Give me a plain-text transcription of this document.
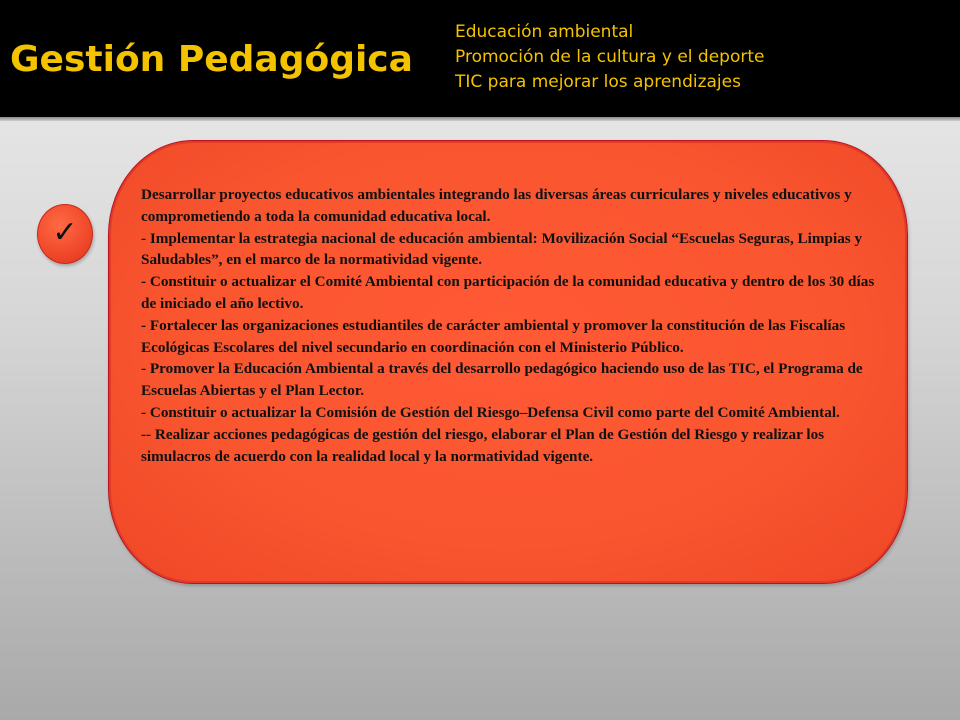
Gestión Pedagógica
Educación ambiental
Promoción de la cultura y el deporte
TIC para mejorar los aprendizajes
✓

Desarrollar proyectos educativos ambientales integrando las diversas áreas curriculares y niveles educativos y comprometiendo a toda la comunidad educativa local.

- Implementar la estrategia nacional de educación ambiental: Movilización Social “Escuelas Seguras, Limpias y Saludables”, en el marco de la normatividad vigente.

- Constituir o actualizar el Comité Ambiental con participación de la comunidad educativa y dentro de los 30 días de iniciado el año lectivo.

- Fortalecer las organizaciones estudiantiles de carácter ambiental y promover la constitución de las Fiscalías Ecológicas Escolares del nivel secundario en coordinación con el Ministerio Público.

- Promover la Educación Ambiental a través del desarrollo pedagógico haciendo uso de las TIC, el Programa de Escuelas Abiertas y el Plan Lector.

- Constituir o actualizar la Comisión de Gestión del Riesgo–Defensa Civil como parte del Comité Ambiental.

-- Realizar acciones pedagógicas de gestión del riesgo, elaborar el Plan de Gestión del Riesgo y realizar los simulacros de acuerdo con la realidad local y la normatividad vigente.
